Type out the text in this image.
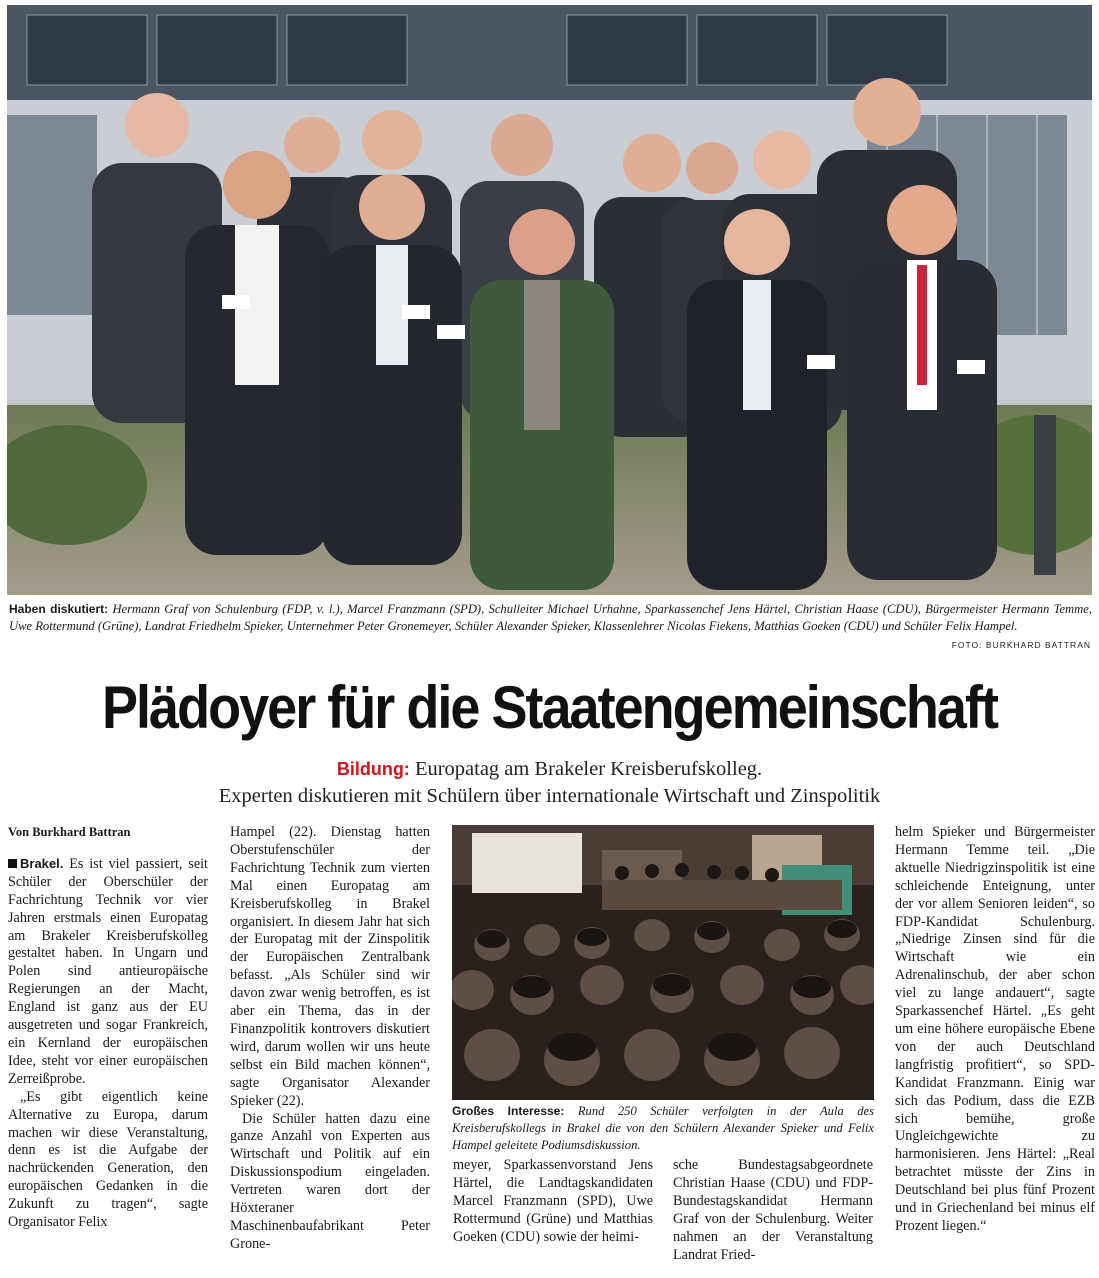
Haben diskutiert: Hermann Graf von Schulenburg (FDP, v. l.), Marcel Franzmann (SPD), Schulleiter Michael Urhahne, Sparkassenchef Jens Härtel, Christian Haase (CDU), Bürgermeister Hermann Temme, Uwe Rottermund (Grüne), Landrat Friedhelm Spieker, Unternehmer Peter Gronemeyer, Schüler Alexander Spieker, Klassenlehrer Nicolas Fiekens, Matthias Goeken (CDU) und Schüler Felix Hampel.
FOTO: BURKHARD BATTRAN
Plädoyer für die Staatengemeinschaft
Bildung: Europatag am Brakeler Kreisberufskolleg.
Experten diskutieren mit Schülern über internationale Wirtschaft und Zinspolitik
Von Burkhard Battran

Brakel. Es ist viel passiert, seit Schüler der Oberschüler der Fachrichtung Technik vor vier Jahren erstmals einen Europatag am Brakeler Kreisberufskolleg gestaltet haben. In Ungarn und Polen sind antieuropäische Regierungen an der Macht, England ist ganz aus der EU ausgetreten und sogar Frankreich, ein Kernland der europäischen Idee, steht vor einer europäischen Zerreißprobe.

„Es gibt eigentlich keine Alternative zu Europa, darum machen wir diese Veranstaltung, denn es ist die Aufgabe der nachrückenden Generation, den europäischen Gedanken in die Zukunft zu tragen“, sagte Organisator Felix

Hampel (22). Dienstag hatten Oberstufenschüler der Fachrichtung Technik zum vierten Mal einen Europatag am Kreisberufskolleg in Brakel organisiert. In diesem Jahr hat sich der Europatag mit der Zinspolitik der Europäischen Zentralbank befasst. „Als Schüler sind wir davon zwar wenig betroffen, es ist aber ein Thema, das in der Finanzpolitik kontrovers diskutiert wird, darum wollen wir uns heute selbst ein Bild machen können“, sagte Organisator Alexander Spieker (22).

Die Schüler hatten dazu eine ganze Anzahl von Experten aus Wirtschaft und Politik auf ein Diskussionspodium eingeladen. Vertreten waren dort der Höxteraner Maschinenbaufabrikant Peter Grone-

Großes Interesse: Rund 250 Schüler verfolgten in der Aula des Kreisberufskollegs in Brakel die von den Schülern Alexander Spieker und Felix Hampel geleitete Podiumsdiskussion.

meyer, Sparkassenvorstand Jens Härtel, die Landtagskandidaten Marcel Franzmann (SPD), Uwe Rottermund (Grüne) und Matthias Goeken (CDU) sowie der heimi-

sche Bundestagsabgeordnete Christian Haase (CDU) und FDP-Bundestagskandidat Hermann Graf von der Schulenburg. Weiter nahmen an der Veranstaltung Landrat Fried-

helm Spieker und Bürgermeister Hermann Temme teil. „Die aktuelle Niedrigzinspolitik ist eine schleichende Enteignung, unter der vor allem Senioren leiden“, so FDP-Kandidat Schulenburg. „Niedrige Zinsen sind für die Wirtschaft wie ein Adrenalinschub, der aber schon viel zu lange andauert“, sagte Sparkassenchef Härtel. „Es geht um eine höhere europäische Ebene von der auch Deutschland langfristig profitiert“, so SPD-Kandidat Franzmann. Einig war sich das Podium, dass die EZB sich bemühe, große Ungleichgewichte zu harmonisieren. Jens Härtel: „Real betrachtet müsste der Zins in Deutschland bei plus fünf Prozent und in Griechenland bei minus elf Prozent liegen.“
